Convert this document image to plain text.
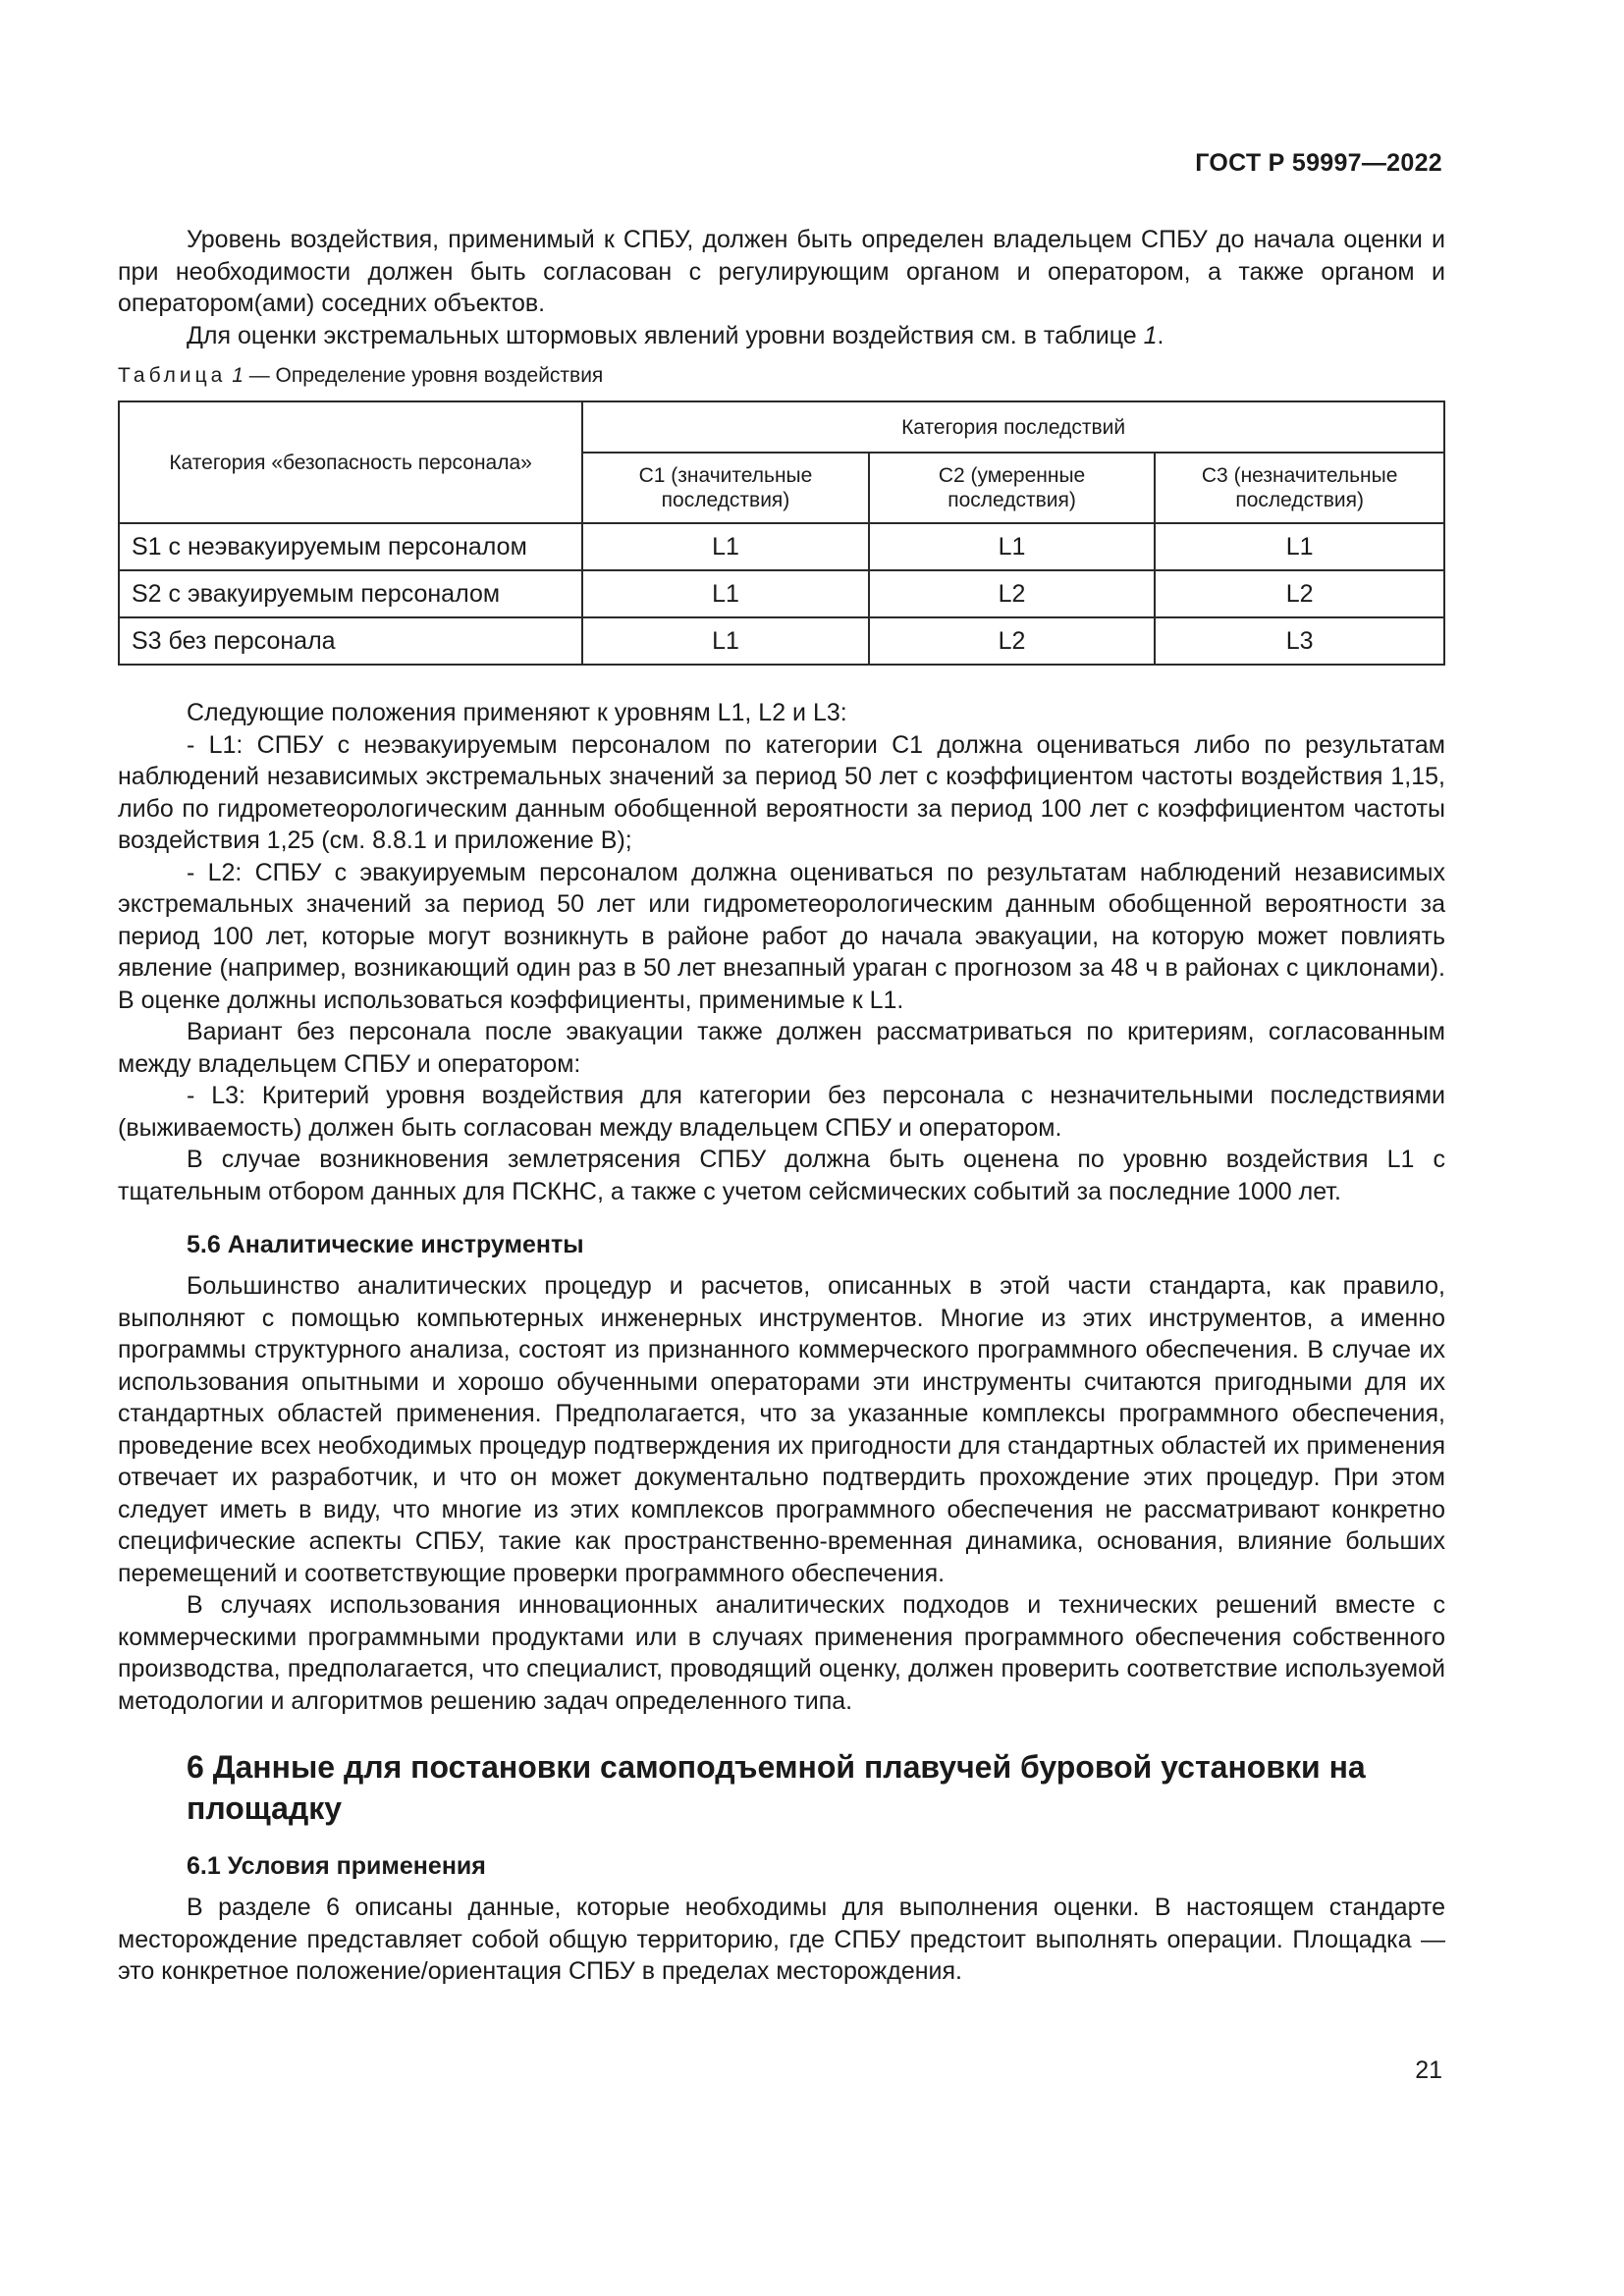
ГОСТ Р 59997—2022

Уровень воздействия, применимый к СПБУ, должен быть определен владельцем СПБУ до начала оценки и при необходимости должен быть согласован с регулирующим органом и оператором, а также органом и оператором(ами) соседних объектов.

Для оценки экстремальных штормовых явлений уровни воздействия см. в таблице 1.

Таблица 1 — Определение уровня воздействия
Категория «безопасность персонала»	Категория последствий		
	С1 (значительные последствия)	С2 (умеренные последствия)	С3 (незначительные последствия)
S1 с неэвакуируемым персоналом	L1	L1	L1
S2 с эвакуируемым персоналом	L1	L2	L2
S3 без персонала	L1	L2	L3

Следующие положения применяют к уровням L1, L2 и L3:

- L1: СПБУ с неэвакуируемым персоналом по категории С1 должна оцениваться либо по результатам наблюдений независимых экстремальных значений за период 50 лет с коэффициентом частоты воздействия 1,15, либо по гидрометеорологическим данным обобщенной вероятности за период 100 лет с коэффициентом частоты воздействия 1,25 (см. 8.8.1 и приложение В);

- L2: СПБУ с эвакуируемым персоналом должна оцениваться по результатам наблюдений независимых экстремальных значений за период 50 лет или гидрометеорологическим данным обобщенной вероятности за период 100 лет, которые могут возникнуть в районе работ до начала эвакуации, на которую может повлиять явление (например, возникающий один раз в 50 лет внезапный ураган с прогнозом за 48 ч в районах с циклонами). В оценке должны использоваться коэффициенты, применимые к L1.

Вариант без персонала после эвакуации также должен рассматриваться по критериям, согласованным между владельцем СПБУ и оператором:

- L3: Критерий уровня воздействия для категории без персонала с незначительными последствиями (выживаемость) должен быть согласован между владельцем СПБУ и оператором.

В случае возникновения землетрясения СПБУ должна быть оценена по уровню воздействия L1 с тщательным отбором данных для ПСКНС, а также с учетом сейсмических событий за последние 1000 лет.

5.6 Аналитические инструменты

Большинство аналитических процедур и расчетов, описанных в этой части стандарта, как правило, выполняют с помощью компьютерных инженерных инструментов. Многие из этих инструментов, а именно программы структурного анализа, состоят из признанного коммерческого программного обеспечения. В случае их использования опытными и хорошо обученными операторами эти инструменты считаются пригодными для их стандартных областей применения. Предполагается, что за указанные комплексы программного обеспечения, проведение всех необходимых процедур подтверждения их пригодности для стандартных областей их применения отвечает их разработчик, и что он может документально подтвердить прохождение этих процедур. При этом следует иметь в виду, что многие из этих комплексов программного обеспечения не рассматривают конкретно специфические аспекты СПБУ, такие как пространственно-временная динамика, основания, влияние больших перемещений и соответствующие проверки программного обеспечения.

В случаях использования инновационных аналитических подходов и технических решений вместе с коммерческими программными продуктами или в случаях применения программного обеспечения собственного производства, предполагается, что специалист, проводящий оценку, должен проверить соответствие используемой методологии и алгоритмов решению задач определенного типа.

6 Данные для постановки самоподъемной плавучей буровой установки на площадку
6.1 Условия применения

В разделе 6 описаны данные, которые необходимы для выполнения оценки. В настоящем стандарте месторождение представляет собой общую территорию, где СПБУ предстоит выполнять операции. Площадка — это конкретное положение/ориентация СПБУ в пределах месторождения.

21
